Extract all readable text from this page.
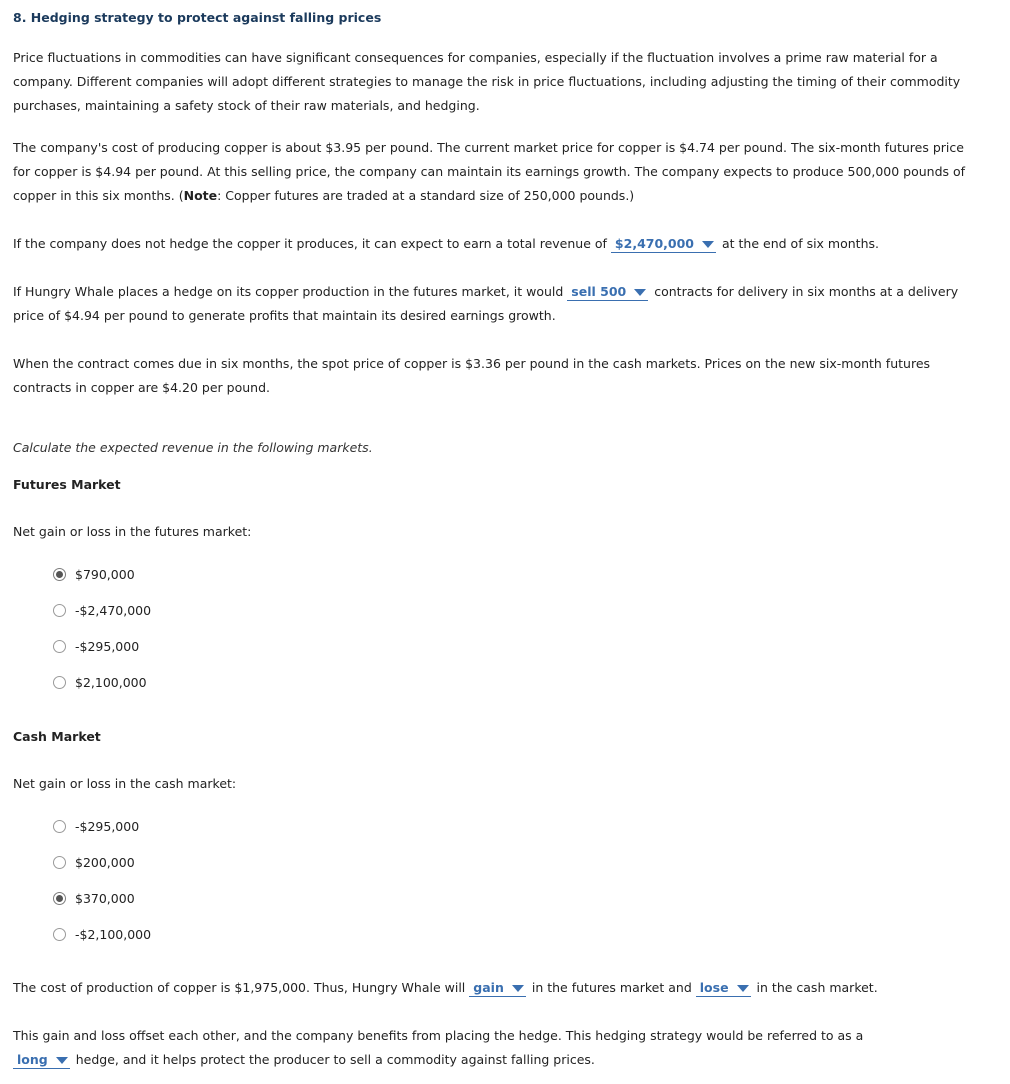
8. Hedging strategy to protect against falling prices

Price fluctuations in commodities can have significant consequences for companies, especially if the fluctuation involves a prime raw material for a company. Different companies will adopt different strategies to manage the risk in price fluctuations, including adjusting the timing of their commodity purchases, maintaining a safety stock of their raw materials, and hedging.

The company's cost of producing copper is about $3.95 per pound. The current market price for copper is $4.74 per pound. The six-month futures price for copper is $4.94 per pound. At this selling price, the company can maintain its earnings growth. The company expects to produce 500,000 pounds of copper in this six months. (Note: Copper futures are traded at a standard size of 250,000 pounds.)

If the company does not hedge the copper it produces, it can expect to earn a total revenue of $2,470,000 at the end of six months.

If Hungry Whale places a hedge on its copper production in the futures market, it would sell 500 contracts for delivery in six months at a delivery price of $4.94 per pound to generate profits that maintain its desired earnings growth.

When the contract comes due in six months, the spot price of copper is $3.36 per pound in the cash markets. Prices on the new six-month futures contracts in copper are $4.20 per pound.

Calculate the expected revenue in the following markets.
Futures Market
Net gain or loss in the futures market:
$790,000
-$2,470,000
-$295,000
$2,100,000
Cash Market
Net gain or loss in the cash market:
-$295,000
$200,000
$370,000
-$2,100,000

The cost of production of copper is $1,975,000. Thus, Hungry Whale will gain in the futures market and lose in the cash market.

This gain and loss offset each other, and the company benefits from placing the hedge. This hedging strategy would be referred to as a
long hedge, and it helps protect the producer to sell a commodity against falling prices.
